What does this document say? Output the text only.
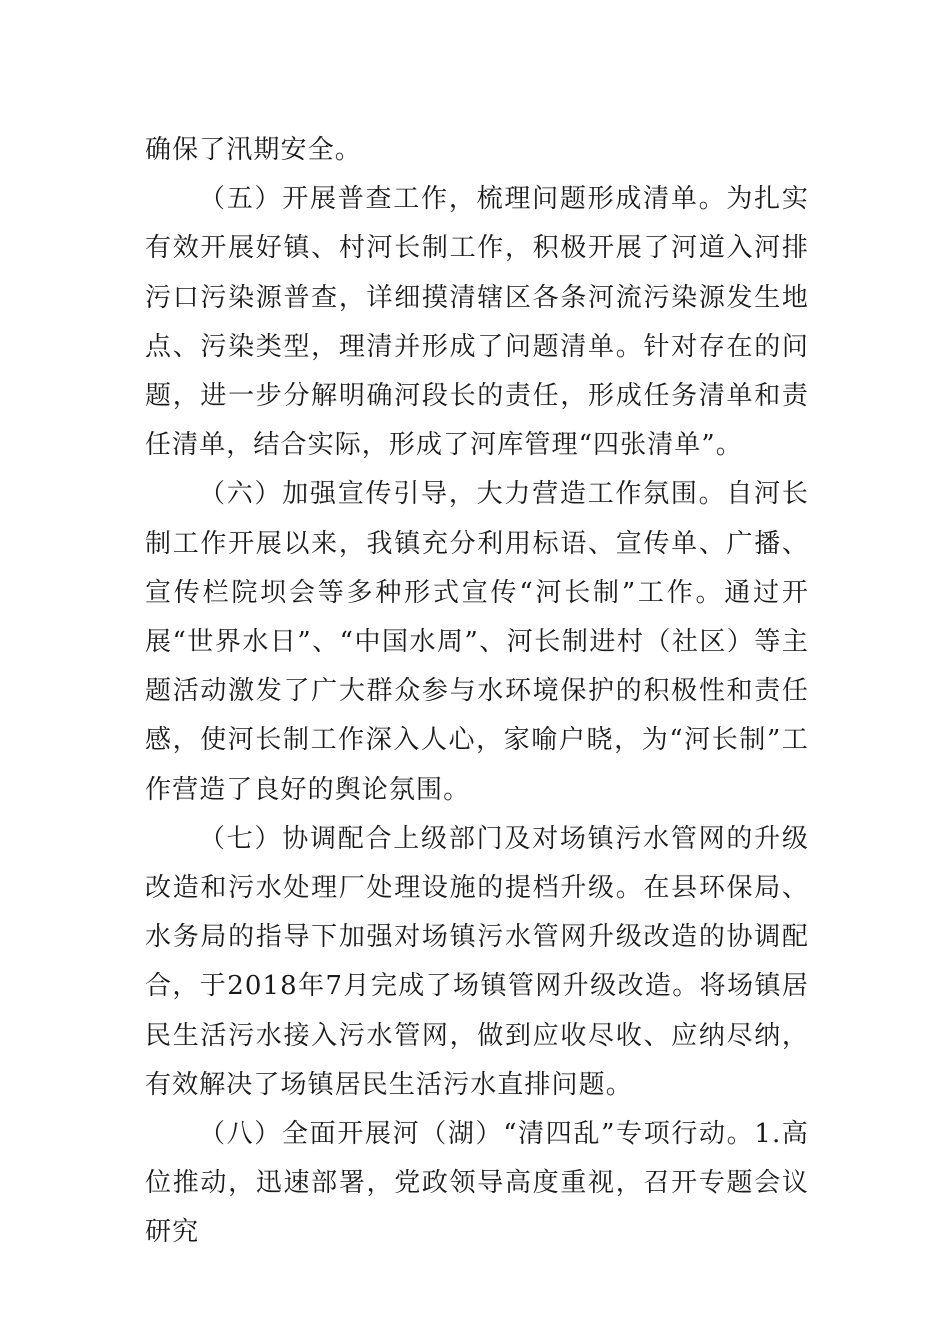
确保了汛期安全。

（五）开展普查工作，梳理问题形成清单。为扎实有效开展好镇、村河长制工作，积极开展了河道入河排污口污染源普查，详细摸清辖区各条河流污染源发生地点、污染类型，理清并形成了问题清单。针对存在的问题，进一步分解明确河段长的责任，形成任务清单和责任清单，结合实际，形成了河库管理“四张清单”。

（六）加强宣传引导，大力营造工作氛围。自河长制工作开展以来，我镇充分利用标语、宣传单、广播、宣传栏院坝会等多种形式宣传“河长制”工作。通过开展“世界水日”、“中国水周”、河长制进村（社区）等主题活动激发了广大群众参与水环境保护的积极性和责任感，使河长制工作深入人心，家喻户晓，为“河长制”工作营造了良好的舆论氛围。

（七）协调配合上级部门及对场镇污水管网的升级改造和污水处理厂处理设施的提档升级。在县环保局、水务局的指导下加强对场镇污水管网升级改造的协调配合，于2018年7月完成了场镇管网升级改造。将场镇居民生活污水接入污水管网，做到应收尽收、应纳尽纳，有效解决了场镇居民生活污水直排问题。

（八）全面开展河（湖）“清四乱”专项行动。1.高位推动，迅速部署，党政领导高度重视，召开专题会议研究
